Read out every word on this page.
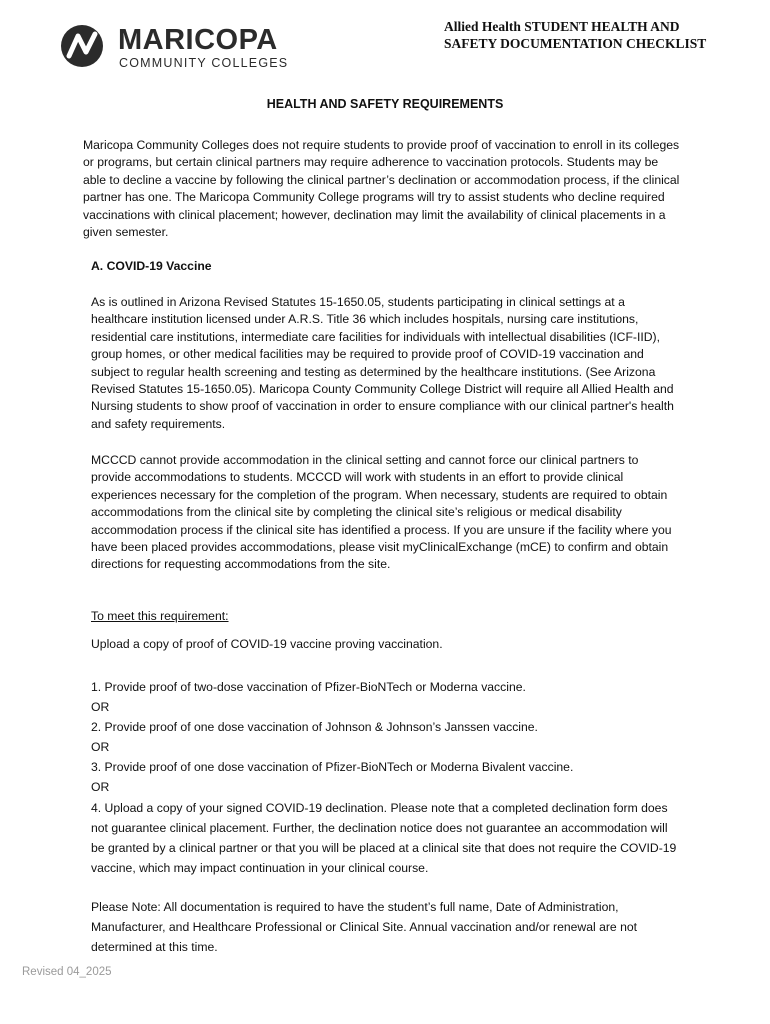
MARICOPA
COMMUNITY COLLEGES
Allied Health STUDENT HEALTH AND
SAFETY DOCUMENTATION CHECKLIST
HEALTH AND SAFETY REQUIREMENTS

Maricopa Community Colleges does not require students to provide proof of vaccination to enroll in its colleges or programs, but certain clinical partners may require adherence to vaccination protocols. Students may be able to decline a vaccine by following the clinical partner’s declination or accommodation process, if the clinical partner has one. The Maricopa Community College programs will try to assist students who decline required vaccinations with clinical placement; however, declination may limit the availability of clinical placements in a given semester.

A. COVID-19 Vaccine

As is outlined in Arizona Revised Statutes 15-1650.05, students participating in clinical settings at a healthcare institution licensed under A.R.S. Title 36 which includes hospitals, nursing care institutions, residential care institutions, intermediate care facilities for individuals with intellectual disabilities (ICF-IID), group homes, or other medical facilities may be required to provide proof of COVID-19 vaccination and subject to regular health screening and testing as determined by the healthcare institutions. (See Arizona Revised Statutes 15-1650.05). Maricopa County Community College District will require all Allied Health and Nursing students to show proof of vaccination in order to ensure compliance with our clinical partner's health and safety requirements.

MCCCD cannot provide accommodation in the clinical setting and cannot force our clinical partners to provide accommodations to students. MCCCD will work with students in an effort to provide clinical experiences necessary for the completion of the program. When necessary, students are required to obtain accommodations from the clinical site by completing the clinical site’s religious or medical disability accommodation process if the clinical site has identified a process. If you are unsure if the facility where you have been placed provides accommodations, please visit myClinicalExchange (mCE) to confirm and obtain directions for requesting accommodations from the site.

To meet this requirement:
Upload a copy of proof of COVID-19 vaccine proving vaccination.
1. Provide proof of two-dose vaccination of Pfizer-BioNTech or Moderna vaccine.
OR
2. Provide proof of one dose vaccination of Johnson & Johnson’s Janssen vaccine.
OR
3. Provide proof of one dose vaccination of Pfizer-BioNTech or Moderna Bivalent vaccine.
OR
4. Upload a copy of your signed COVID-19 declination. Please note that a completed declination form does not guarantee clinical placement. Further, the declination notice does not guarantee an accommodation will be granted by a clinical partner or that you will be placed at a clinical site that does not require the COVID-19 vaccine, which may impact continuation in your clinical course.

Please Note: All documentation is required to have the student’s full name, Date of Administration, Manufacturer, and Healthcare Professional or Clinical Site. Annual vaccination and/or renewal are not determined at this time.

Revised 04_2025
